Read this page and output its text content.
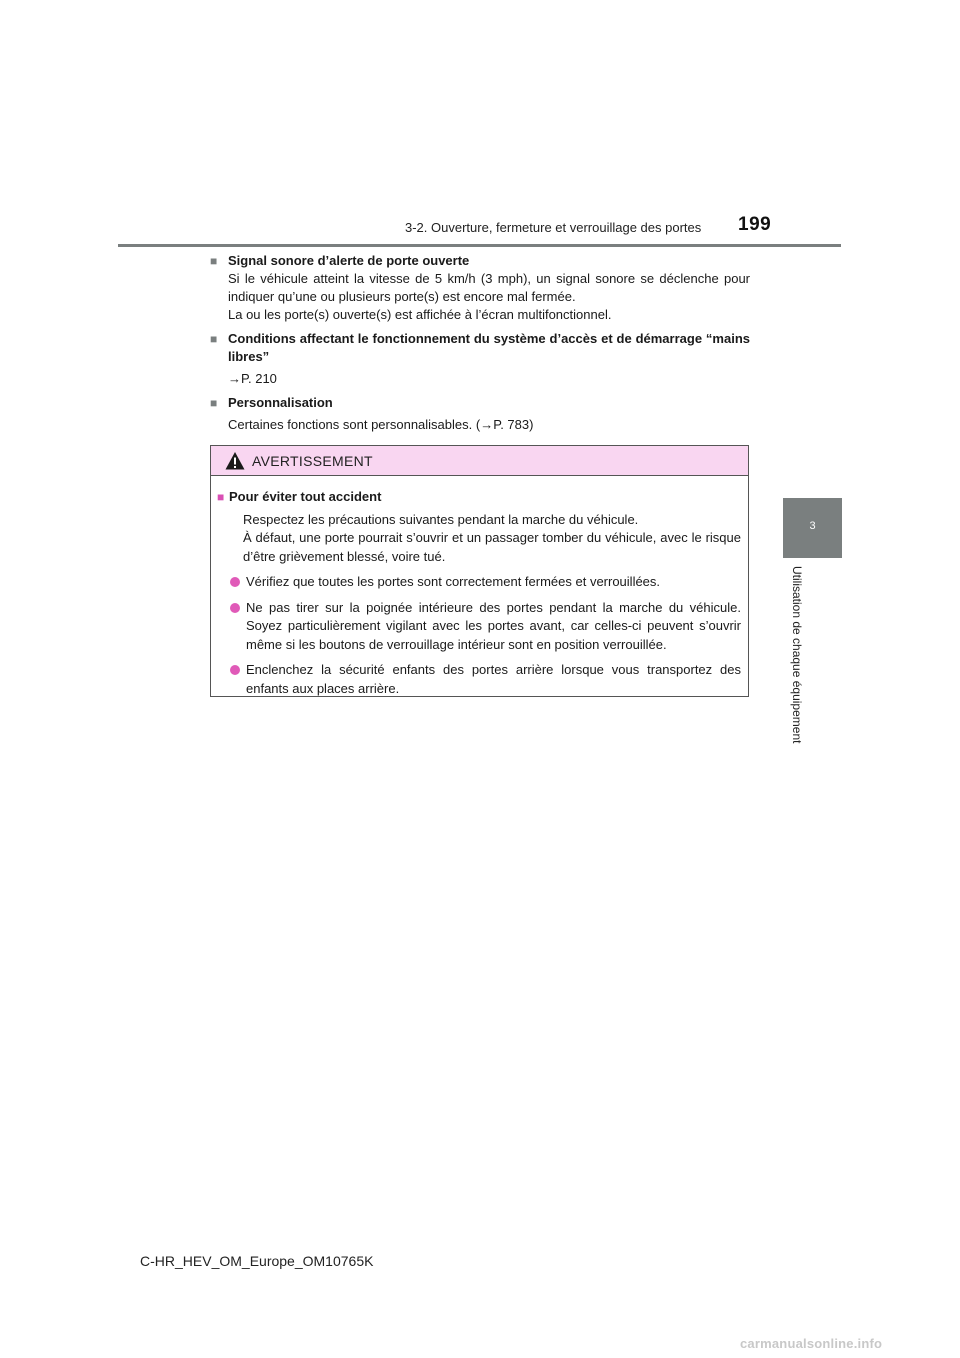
3-2. Ouverture, fermeture et verrouillage des portes 199
3
Utilisation de chaque équipement
■ Signal sonore d’alerte de porte ouverte

Si le véhicule atteint la vitesse de 5 km/h (3 mph), un signal sonore se déclenche pour indiquer qu’une ou plusieurs porte(s) est encore mal fermée.

La ou les porte(s) ouverte(s) est affichée à l’écran multifonctionnel.

■ Conditions affectant le fonctionnement du système d’accès et de démarrage “mains libres”

→P. 210

■ Personnalisation

Certaines fonctions sont personnalisables. (→P. 783)

AVERTISSEMENT
■ Pour éviter tout accident

Respectez les précautions suivantes pendant la marche du véhicule.

À défaut, une porte pourrait s’ouvrir et un passager tomber du véhicule, avec le risque d’être grièvement blessé, voire tué.

Vérifiez que toutes les portes sont correctement fermées et verrouillées.
Ne pas tirer sur la poignée intérieure des portes pendant la marche du véhicule. Soyez particulièrement vigilant avec les portes avant, car celles-ci peuvent s’ouvrir même si les boutons de verrouillage intérieur sont en position verrouillée.
Enclenchez la sécurité enfants des portes arrière lorsque vous transportez des enfants aux places arrière.
C-HR_HEV_OM_Europe_OM10765K
carmanualsonline.info
